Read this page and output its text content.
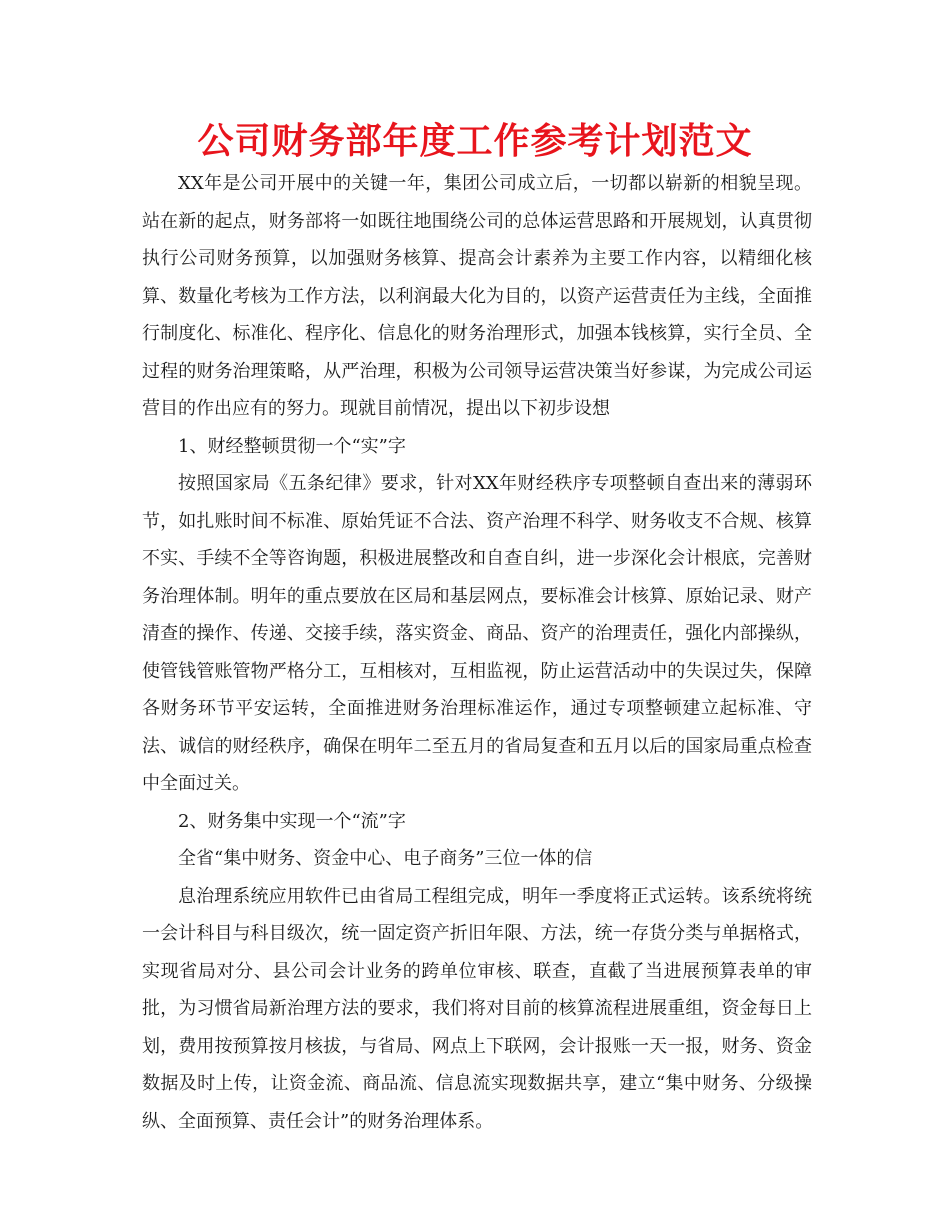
公司财务部年度工作参考计划范文

XX年是公司开展中的关键一年，集团公司成立后，一切都以崭新的相貌呈现。站在新的起点，财务部将一如既往地围绕公司的总体运营思路和开展规划，认真贯彻执行公司财务预算，以加强财务核算、提高会计素养为主要工作内容，以精细化核算、数量化考核为工作方法，以利润最大化为目的，以资产运营责任为主线，全面推行制度化、标准化、程序化、信息化的财务治理形式，加强本钱核算，实行全员、全过程的财务治理策略，从严治理，积极为公司领导运营决策当好参谋，为完成公司运营目的作出应有的努力。现就目前情况，提出以下初步设想

1、财经整顿贯彻一个“实”字

按照国家局《五条纪律》要求，针对XX年财经秩序专项整顿自查出来的薄弱环节，如扎账时间不标准、原始凭证不合法、资产治理不科学、财务收支不合规、核算不实、手续不全等咨询题，积极进展整改和自查自纠，进一步深化会计根底，完善财务治理体制。明年的重点要放在区局和基层网点，要标准会计核算、原始记录、财产清查的操作、传递、交接手续，落实资金、商品、资产的治理责任，强化内部操纵，使管钱管账管物严格分工，互相核对，互相监视，防止运营活动中的失误过失，保障各财务环节平安运转，全面推进财务治理标准运作，通过专项整顿建立起标准、守法、诚信的财经秩序，确保在明年二至五月的省局复查和五月以后的国家局重点检查中全面过关。

2、财务集中实现一个“流”字

全省“集中财务、资金中心、电子商务”三位一体的信

息治理系统应用软件已由省局工程组完成，明年一季度将正式运转。该系统将统一会计科目与科目级次，统一固定资产折旧年限、方法，统一存货分类与单据格式，实现省局对分、县公司会计业务的跨单位审核、联查，直截了当进展预算表单的审批，为习惯省局新治理方法的要求，我们将对目前的核算流程进展重组，资金每日上划，费用按预算按月核拔，与省局、网点上下联网，会计报账一天一报，财务、资金数据及时上传，让资金流、商品流、信息流实现数据共享，建立“集中财务、分级操纵、全面预算、责任会计”的财务治理体系。
